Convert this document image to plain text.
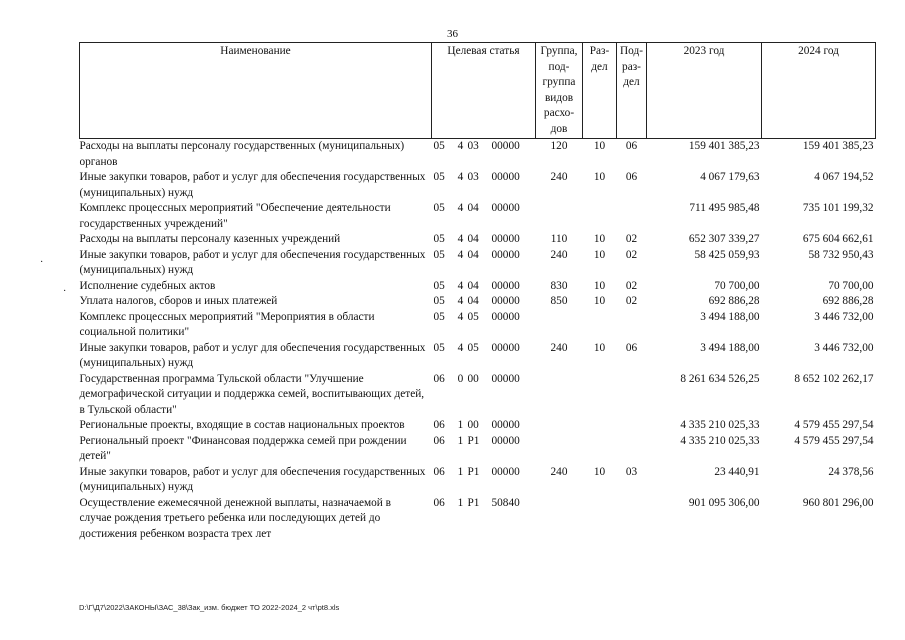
36
·
·
Наименование	Целевая статья	Группа, под-группа видов расхо-дов	Раз-дел	Под-раз-дел	2023 год	2024 год
Расходы на выплаты персоналу государственных (муниципальных) органов	05 4 03 00000	120	10	06	159 401 385,23	159 401 385,23
Иные закупки товаров, работ и услуг для обеспечения государственных (муниципальных) нужд	05 4 03 00000	240	10	06	4 067 179,63	4 067 194,52
Комплекс процессных мероприятий "Обеспечение деятельности государственных учреждений"	05 4 04 00000				711 495 985,48	735 101 199,32
Расходы на выплаты персоналу казенных учреждений	05 4 04 00000	110	10	02	652 307 339,27	675 604 662,61
Иные закупки товаров, работ и услуг для обеспечения государственных (муниципальных) нужд	05 4 04 00000	240	10	02	58 425 059,93	58 732 950,43
Исполнение судебных актов	05 4 04 00000	830	10	02	70 700,00	70 700,00
Уплата налогов, сборов и иных платежей	05 4 04 00000	850	10	02	692 886,28	692 886,28
Комплекс процессных мероприятий "Мероприятия в области социальной политики"	05 4 05 00000				3 494 188,00	3 446 732,00
Иные закупки товаров, работ и услуг для обеспечения государственных (муниципальных) нужд	05 4 05 00000	240	10	06	3 494 188,00	3 446 732,00
Государственная программа Тульской области "Улучшение демографической ситуации и поддержка семей, воспитывающих детей, в Тульской области"	06 0 00 00000				8 261 634 526,25	8 652 102 262,17
Региональные проекты, входящие в состав национальных проектов	06 1 00 00000				4 335 210 025,33	4 579 455 297,54
Региональный проект "Финансовая поддержка семей при рождении детей"	06 1 P1 00000				4 335 210 025,33	4 579 455 297,54
Иные закупки товаров, работ и услуг для обеспечения государственных (муниципальных) нужд	06 1 P1 00000	240	10	03	23 440,91	24 378,56
Осуществление ежемесячной денежной выплаты, назначаемой в случае рождения третьего ребенка или последующих детей до достижения ребенком возраста трех лет	06 1 P1 50840				901 095 306,00	960 801 296,00
D:\Г\Д7\2022\ЗАКОНЫ\ЗАС_38\Зак_изм. бюджет ТО 2022-2024_2 чт\pt8.xls
